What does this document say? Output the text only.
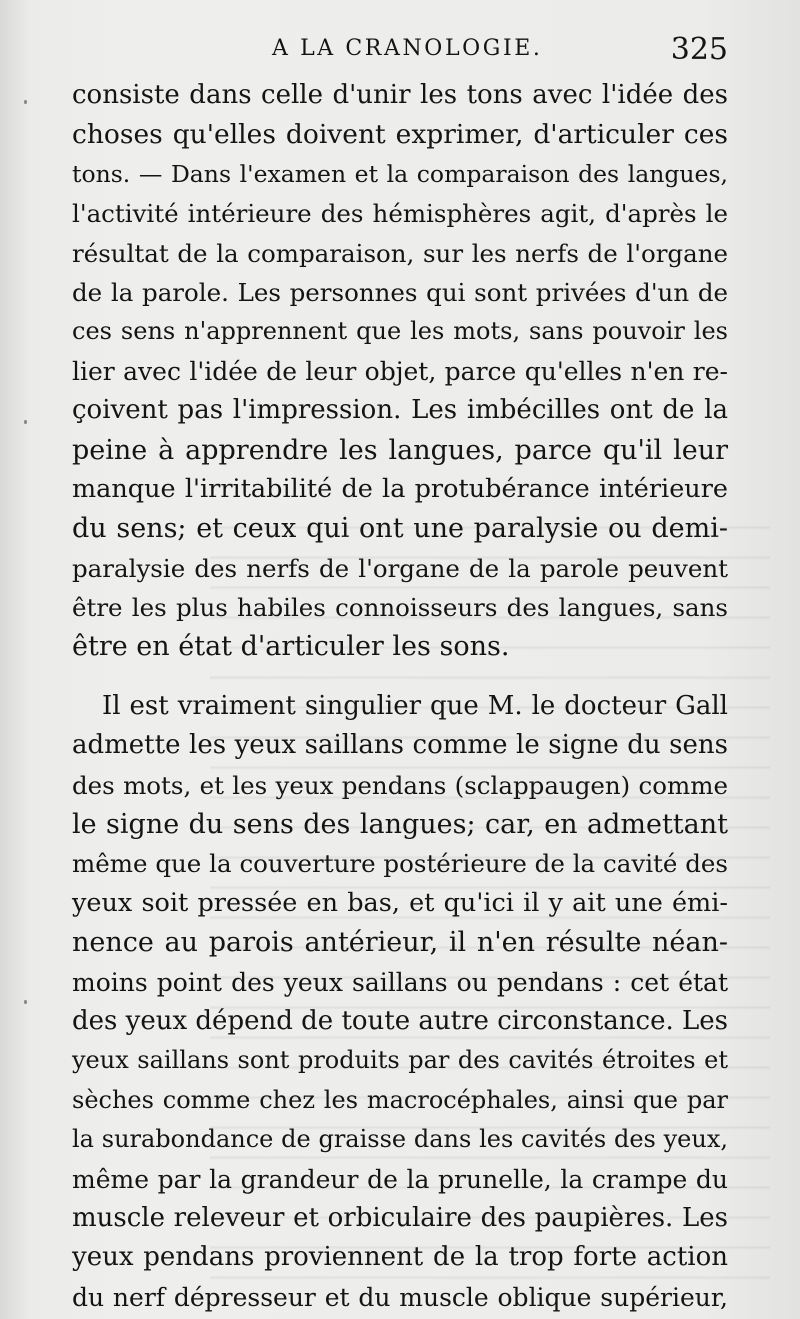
A LA CRANOLOGIE.	325
consiste dans celle d'unir les tons avec l'idée des
choses qu'elles doivent exprimer, d'articuler ces
tons. — Dans l'examen et la comparaison des langues,
l'activité intérieure des hémisphères agit, d'après le
résultat de la comparaison, sur les nerfs de l'organe
de la parole. Les personnes qui sont privées d'un de
ces sens n'apprennent que les mots, sans pouvoir les
lier avec l'idée de leur objet, parce qu'elles n'en re-
çoivent pas l'impression. Les imbécilles ont de la
peine à apprendre les langues, parce qu'il leur
manque l'irritabilité de la protubérance intérieure
du sens; et ceux qui ont une paralysie ou demi-
paralysie des nerfs de l'organe de la parole peuvent
être les plus habiles connoisseurs des langues, sans
être en état d'articuler les sons.
Il est vraiment singulier que M. le docteur Gall
admette les yeux saillans comme le signe du sens
des mots, et les yeux pendans (sclappaugen) comme
le signe du sens des langues; car, en admettant
même que la couverture postérieure de la cavité des
yeux soit pressée en bas, et qu'ici il y ait une émi-
nence au parois antérieur, il n'en résulte néan-
moins point des yeux saillans ou pendans : cet état
des yeux dépend de toute autre circonstance. Les
yeux saillans sont produits par des cavités étroites et
sèches comme chez les macrocéphales, ainsi que par
la surabondance de graisse dans les cavités des yeux,
même par la grandeur de la prunelle, la crampe du
muscle releveur et orbiculaire des paupières. Les
yeux pendans proviennent de la trop forte action
du nerf dépresseur et du muscle oblique supérieur,
